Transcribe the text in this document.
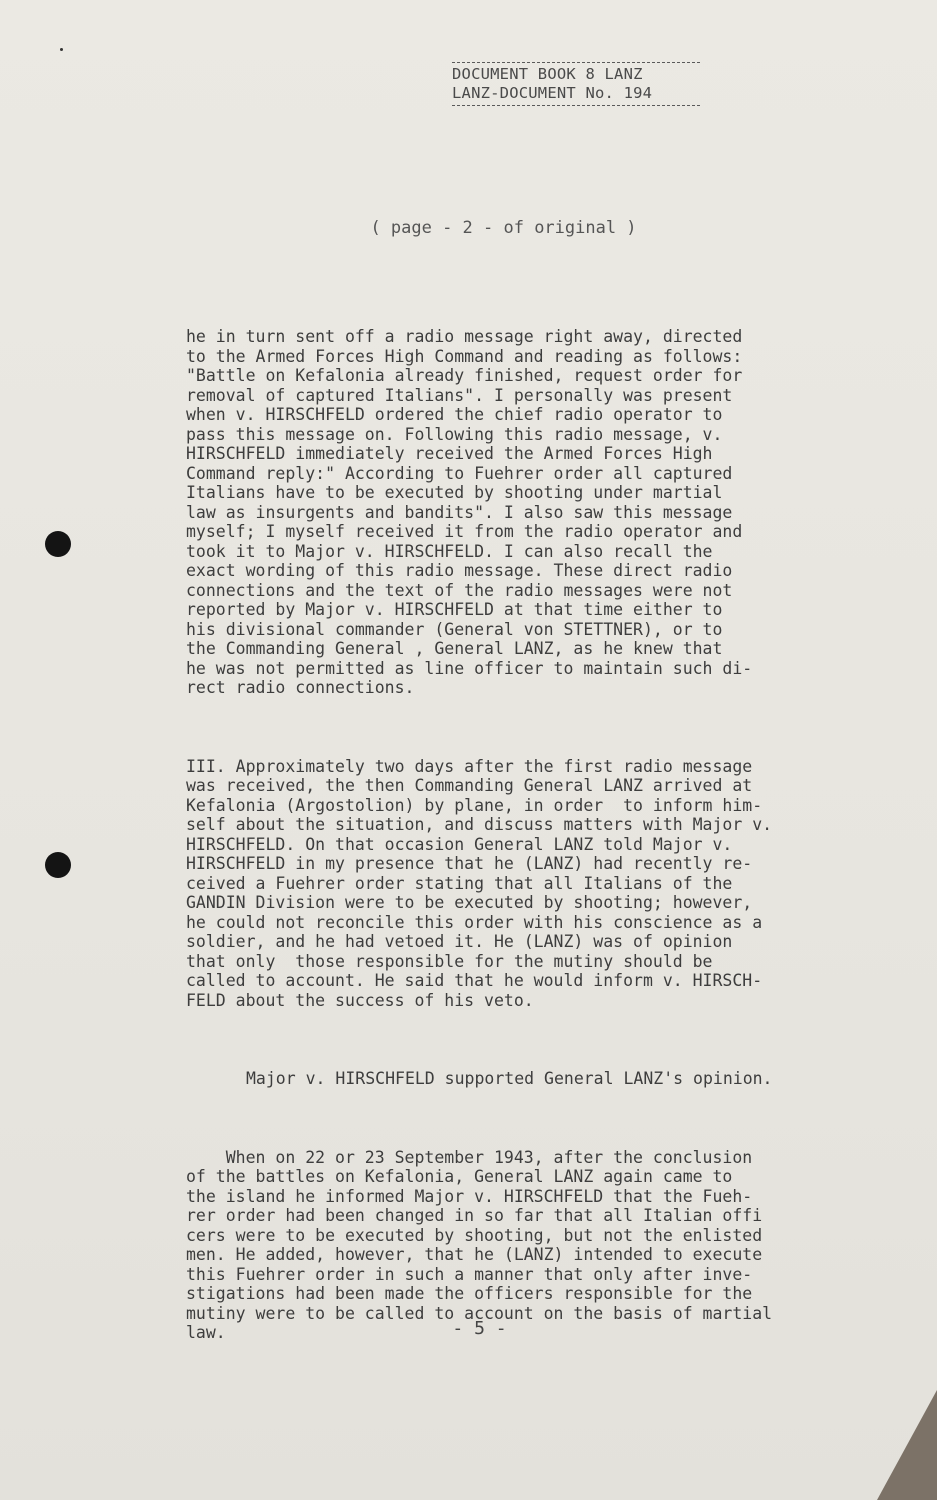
DOCUMENT BOOK 8 LANZ
LANZ-DOCUMENT No. 194
( page - 2 - of original )

he in turn sent off a radio message right away, directed
to the Armed Forces High Command and reading as follows:
"Battle on Kefalonia already finished, request order for
removal of captured Italians". I personally was present
when v. HIRSCHFELD ordered the chief radio operator to
pass this message on. Following this radio message, v.
HIRSCHFELD immediately received the Armed Forces High
Command reply:" According to Fuehrer order all captured
Italians have to be executed by shooting under martial
law as insurgents and bandits". I also saw this message
myself; I myself received it from the radio operator and
took it to Major v. HIRSCHFELD. I can also recall the
exact wording of this radio message. These direct radio
connections and the text of the radio messages were not
reported by Major v. HIRSCHFELD at that time either to
his divisional commander (General von STETTNER), or to
the Commanding General , General LANZ, as he knew that
he was not permitted as line officer to maintain such di-
rect radio connections.

III. Approximately two days after the first radio message
was received, the then Commanding General LANZ arrived at
Kefalonia (Argostolion) by plane, in order  to inform him-
self about the situation, and discuss matters with Major v.
HIRSCHFELD. On that occasion General LANZ told Major v.
HIRSCHFELD in my presence that he (LANZ) had recently re-
ceived a Fuehrer order stating that all Italians of the
GANDIN Division were to be executed by shooting; however,
he could not reconcile this order with his conscience as a
soldier, and he had vetoed it. He (LANZ) was of opinion
that only  those responsible for the mutiny should be
called to account. He said that he would inform v. HIRSCH-
FELD about the success of his veto.

Major v. HIRSCHFELD supported General LANZ's opinion.

When on 22 or 23 September 1943, after the conclusion
of the battles on Kefalonia, General LANZ again came to
the island he informed Major v. HIRSCHFELD that the Fueh-
rer order had been changed in so far that all Italian offi
cers were to be executed by shooting, but not the enlisted
men. He added, however, that he (LANZ) intended to execute
this Fuehrer order in such a manner that only after inve-
stigations had been made the officers responsible for the
mutiny were to be called to account on the basis of martial
law.

	- 5 -
